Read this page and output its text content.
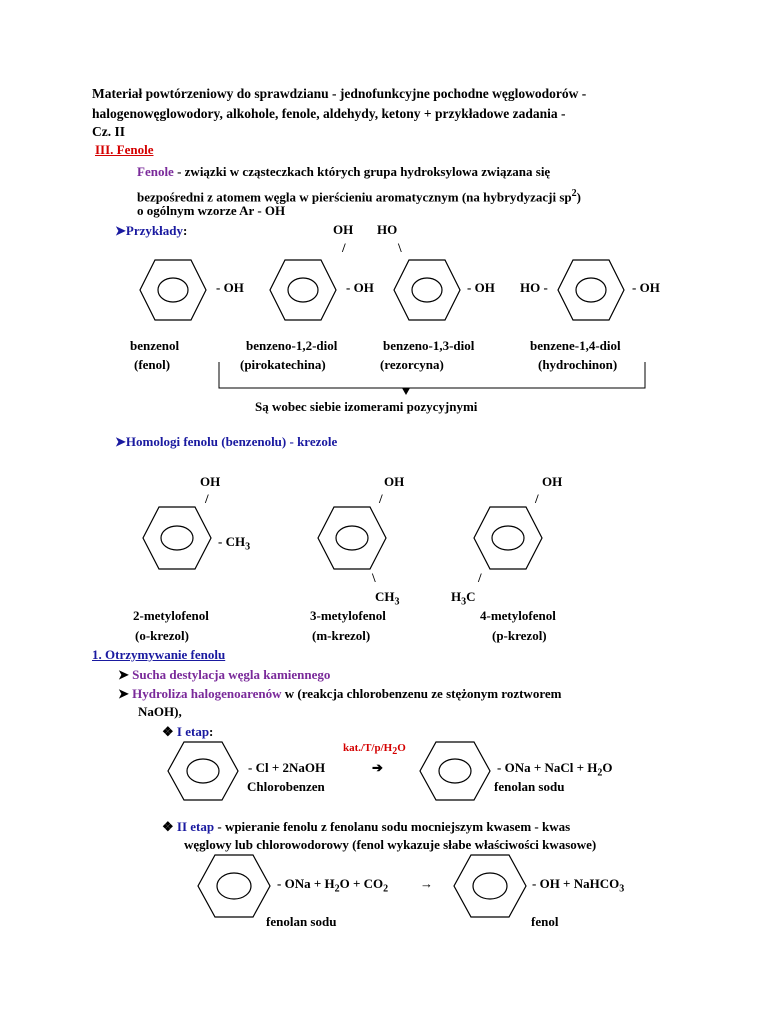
Materiał powtórzeniowy do sprawdzianu - jednofunkcyjne pochodne węglowodorów -
halogenowęglowodory, alkohole, fenole, aldehydy, ketony + przykładowe zadania -
Cz. II
III. Fenole
Fenole - związki w cząsteczkach których grupa hydroksylowa związana się
bezpośredni z atomem węgla w pierścieniu aromatycznym (na hybrydyzacji $sp^2$)
o ogólnym wzorze Ar - OH
➤Przykłady:	OH HO
/	\
- OH	- OH	- OH HO -	- OH
benzenol
(fenol)
benzeno-1,2-diol
(pirokatechina)
benzeno-1,3-diol
(rezorcyna)
benzene-1,4-diol
(hydrochinon)
Są wobec siebie izomerami pozycyjnymi
➤Homologi fenolu (benzenolu) - krezole
OH
/
OH
/
OH
/
- $CH_3$
\
$CH_3$
/
$H_3C$
2-metylofenol
(o-krezol)
3-metylofenol
(m-krezol)
4-metylofenol
(p-krezol)
1. Otrzymywanie fenolu
➤ Sucha destylacja węgla kamiennego
➤ Hydroliza halogenoarenów w (reakcja chlorobenzenu ze stężonym roztworem
NaOH),
❖ I etap:
$kat./T/p/H_2O$
- Cl + 2NaOH	➔
Chlorobenzen
- ONa + NaCl + $H_2O$
fenolan sodu
❖ II etap - wpieranie fenolu z fenolanu sodu mocniejszym kwasem - kwas
węglowy lub chlorowodorowy (fenol wykazuje słabe właściwości kwasowe)
- ONa + $H_2O + CO_2$ →	- OH + NaHCO$_3$
fenolan sodu	fenol
